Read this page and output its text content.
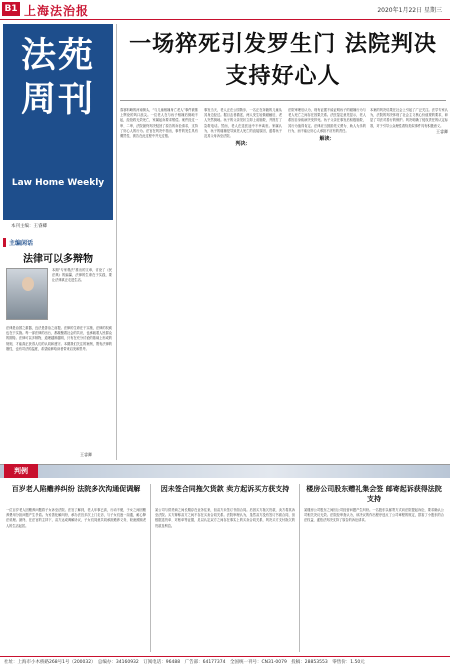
B1 上海法治报	2020年1月22日 星期三
法苑周刊
Law Home Weekly
本刊主编：王睿卿
主编闲话
法律可以多辩物
本期“专家观法”推出的文章，讨论了《民法典》的编纂，法律的生命在于实践，要让法律真正走进生活。
法律是治国之重器，良法是善治之前提。法律的生命在于实施，法律的权威也在于实施。每一部法律的出台，都凝聚着社会的共识，也承载着人民群众的期待。法律可以多辩物，道理越辩越明，只有在充分讨论的基础上形成的规则，才能真正获得人们的认同和遵守。本期我们关注的案例，既有法律的刚性，也有司法的温度，希望能够给读者带来启发和思考。
王睿卿
一场猝死引发罗生门 法院判决支持好心人
春寒料峭的河南街头，“与儿童相撞身亡老人”事件被推上舆论的风口浪尖。一位老人在与孩子相撞后倒地不起，经抢救无效死亡，家属起诉要求赔偿。案件经过一审、二审，法院最终判决驳回了原告的诉讼请求，支持了好心人的行为。法官在判决中指出，事件的发生具有偶然性，被告在此过程中并无过错。
事发当天，老人正在公园散步，一名正在奔跑的儿童从其身边经过。据目击者描述，两人发生轻微碰触后，老人突然倒地。孩子的父亲见状立即上前施救，并拨打了急救电话。然而，老人在送医途中不幸离世。家属认为，孩子的碰撞是导致老人死亡的直接原因，遂将孩子及其父母诉至法院。
判决：
法院审理后认为，现有证据不能证明孩子的碰撞行为与老人死亡之间存在因果关系。法医鉴定意见显示，老人系因自身疾病突发猝死。孩子父亲在事发后积极施救，其行为值得肯定。法律应当鼓励见义勇为、助人为乐的行为，而不能让好心人承担不应有的责任。
解读：
本案的判决结果在社会上引起了广泛关注。法学专家认为，法院的判决体现了社会主义核心价值观的要求，彰显了司法对善行的保护。判决明确了侵权责任的认定标准，对于引导公众理性看待类似事件具有积极意义。
王睿卿
判例
百岁老人陷赡养纠纷 法院多次沟通促调解
一位百岁老人因赡养问题将子女诉至法院。法官了解到，老人年事已高，行动不便，子女之间因赡养费用分担问题产生矛盾。为妥善化解纠纷，承办法官多次上门走访，与子女们逐一沟通，耐心释法说理。最终，在法官的主持下，双方达成调解协议，子女们同意共同承担赡养义务，轮流照顾老人的生活起居。
因未签合同拖欠货款 卖方起诉买方获支持
某公司与供货商之间长期存在业务往来，但双方未签订书面合同。后因买方拖欠货款，卖方将其诉至法院。买方辩称双方之间不存在买卖合同关系。法院审理认为，虽然双方没有签订书面合同，但根据送货单、对账单等证据，足以认定双方之间存在事实上的买卖合同关系，判决买方支付拖欠的货款及利息。
楼房公司股东赠礼集会签 邮寄起诉获得法院支持
某楼房公司股东之间因公司经营问题产生纠纷。一名股东以邮寄方式向法院提起诉讼，要求确认公司相关决议无效。法院经审查认为，该决议的作出程序违反了公司章程的规定，损害了小股东的合法权益，遂依法判决支持了原告的诉讼请求。
社址：上海市小木桥路268号1号（200032）　总编办：34160932　订阅电话：96488　广告部：64177374　全国统一刊号：CN31-0079　投稿：28853553　零售价：1.50元
